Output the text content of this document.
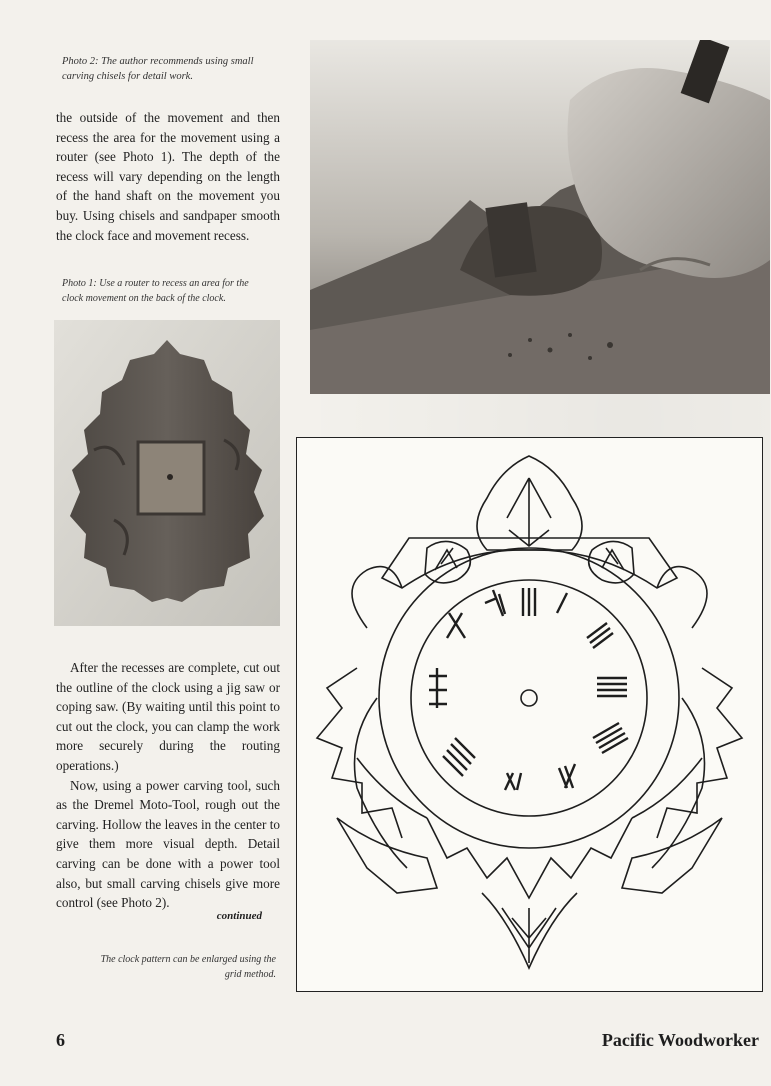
Photo 2: The author recommends using small
carving chisels for detail work.

the outside of the movement and then recess the area for the movement using a router (see Photo 1). The depth of the recess will vary depending on the length of the hand shaft on the movement you buy. Using chisels and sandpaper smooth the clock face and movement recess.

Photo 1: Use a router to recess an area for the
clock movement on the back of the clock.

After the recesses are complete, cut out the outline of the clock using a jig saw or coping saw. (By waiting until this point to cut out the clock, you can clamp the work more securely during the routing operations.)

Now, using a power carving tool, such as the Dremel Moto-Tool, rough out the carving. Hollow the leaves in the center to give them more visual depth. Detail carving can be done with a power tool also, but small carving chisels give more control (see Photo 2).

continued
The clock pattern can be enlarged using the
grid method.
6	Pacific Woodworker
